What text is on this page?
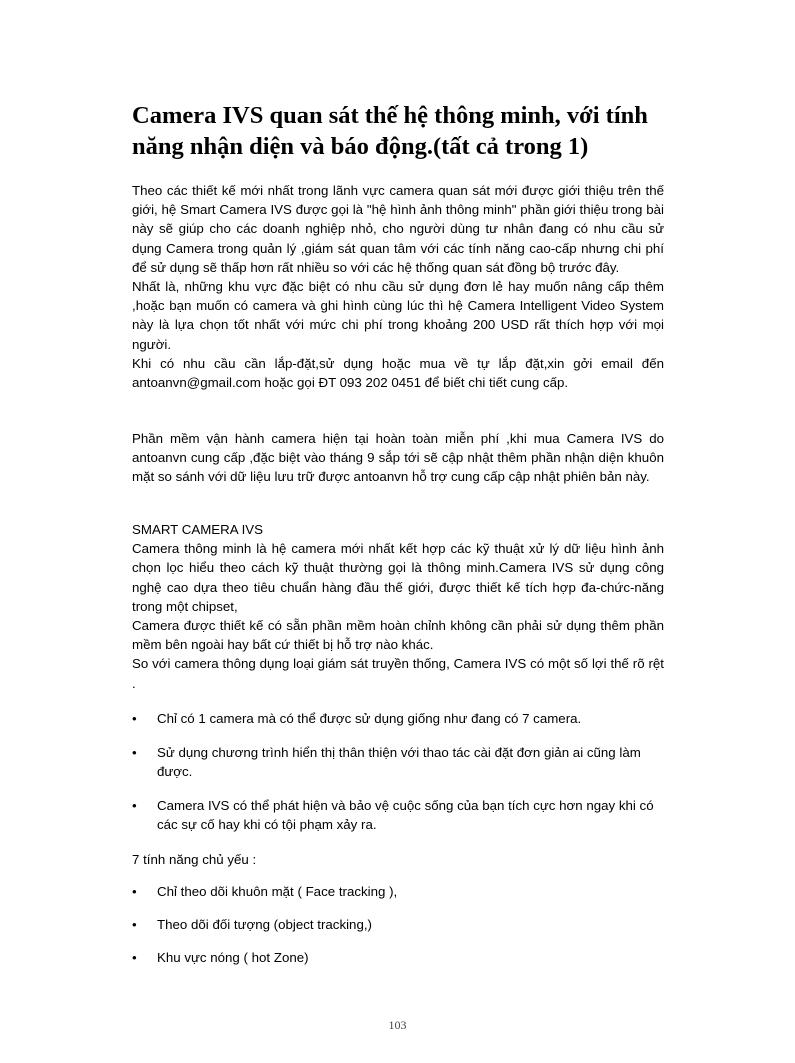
Camera IVS quan sát thế hệ thông minh, với tính năng nhận diện và báo động.(tất cả trong 1)

Theo các thiết kế mới nhất trong lãnh vực camera quan sát mới được giới thiệu trên thế giới, hệ Smart Camera IVS được gọi là "hệ hình ảnh thông minh" phần giới thiệu trong bài này sẽ giúp cho các doanh nghiệp nhỏ, cho người dùng tư nhân đang có nhu cầu sử dụng Camera trong quản lý ,giám sát quan tâm với các tính năng cao-cấp nhưng chi phí để sử dụng sẽ thấp hơn rất nhiều so với các hệ thống quan sát đồng bộ trước đây.

Nhất là, những khu vực đặc biệt có nhu cầu sử dụng đơn lẻ hay muốn nâng cấp thêm ,hoặc bạn muốn có camera và ghi hình cùng lúc thì hệ Camera Intelligent Video System này là lựa chọn tốt nhất với mức chi phí trong khoảng 200 USD rất thích hợp với mọi người.

Khi có nhu cầu cần lắp-đặt,sử dụng hoặc mua về tự lắp đặt,xin gởi email đến antoanvn@gmail.com hoặc gọi ĐT 093 202 0451 để biết chi tiết cung cấp.

Phần mềm vận hành camera hiện tại hoàn toàn miễn phí ,khi mua Camera IVS do antoanvn cung cấp ,đặc biệt vào tháng 9 sắp tới sẽ cập nhật thêm phần nhận diện khuôn mặt so sánh với dữ liệu lưu trữ được antoanvn hỗ trợ cung cấp cập nhật phiên bản này.

SMART CAMERA IVS

Camera thông minh là hệ camera mới nhất kết hợp các kỹ thuật xử lý dữ liệu hình ảnh chọn lọc hiểu theo cách kỹ thuật thường gọi là thông minh.Camera IVS sử dụng công nghệ cao dựa theo tiêu chuẩn hàng đầu thế giới, được thiết kế tích hợp đa-chức-năng trong một chipset,

Camera được thiết kế có sẵn phần mềm hoàn chỉnh không cần phải sử dụng thêm phần mềm bên ngoài hay bất cứ thiết bị hỗ trợ nào khác.

So với camera thông dụng loại giám sát truyền thống, Camera IVS có một số lợi thế rõ rệt .

•	Chỉ có 1 camera mà có thể được sử dụng giống như đang có 7 camera.
•	Sử dụng chương trình hiển thị thân thiện với thao tác cài đặt đơn giản ai cũng làm được.
•	Camera IVS có thể phát hiện và bảo vệ cuộc sống của bạn tích cực hơn ngay khi có các sự cố hay khi có tội phạm xảy ra.
7 tính năng chủ yếu :
•	Chỉ theo dõi khuôn mặt ( Face tracking ),
•	Theo dõi đối tượng (object tracking,)
•	Khu vực nóng ( hot Zone)
103
